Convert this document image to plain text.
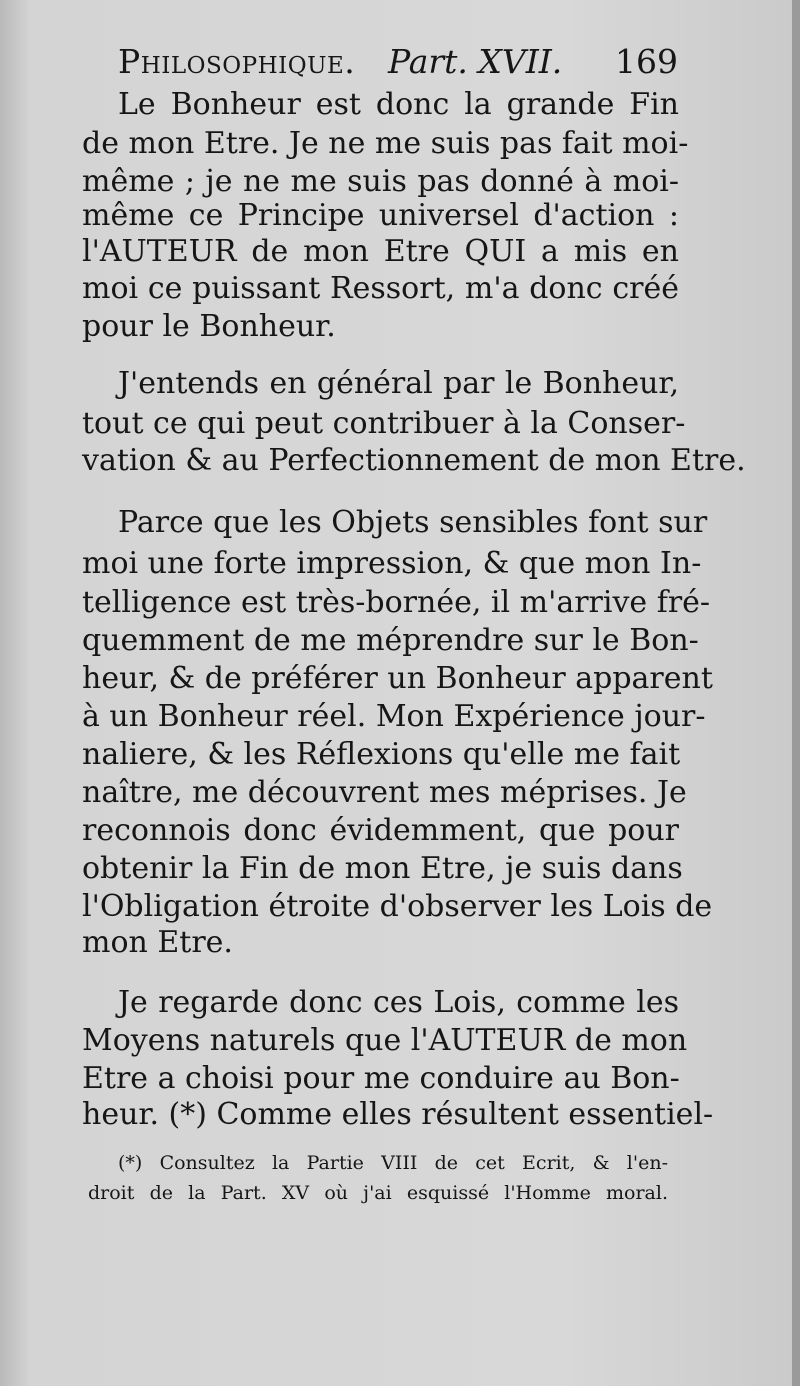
Philosophique. Part. XVII. 169
Le Bonheur est donc la grande Fin
de mon Etre. Je ne me suis pas fait moi-
même ; je ne me suis pas donné à moi-
même ce Principe universel d'action :
l'AUTEUR de mon Etre QUI a mis en
moi ce puissant Ressort, m'a donc créé
pour le Bonheur.
J'entends en général par le Bonheur,
tout ce qui peut contribuer à la Conser-
vation & au Perfectionnement de mon Etre.
Parce que les Objets sensibles font sur
moi une forte impression, & que mon In-
telligence est très-bornée, il m'arrive fré-
quemment de me méprendre sur le Bon-
heur, & de préférer un Bonheur apparent
à un Bonheur réel. Mon Expérience jour-
naliere, & les Réflexions qu'elle me fait
naître, me découvrent mes méprises. Je
reconnois donc évidemment, que pour
obtenir la Fin de mon Etre, je suis dans
l'Obligation étroite d'observer les Lois de
mon Etre.
Je regarde donc ces Lois, comme les
Moyens naturels que l'AUTEUR de mon
Etre a choisi pour me conduire au Bon-
heur. (*) Comme elles résultent essentiel-
(*) Consultez la Partie VIII de cet Ecrit, & l'en-
droit de la Part. XV où j'ai esquissé l'Homme moral.
